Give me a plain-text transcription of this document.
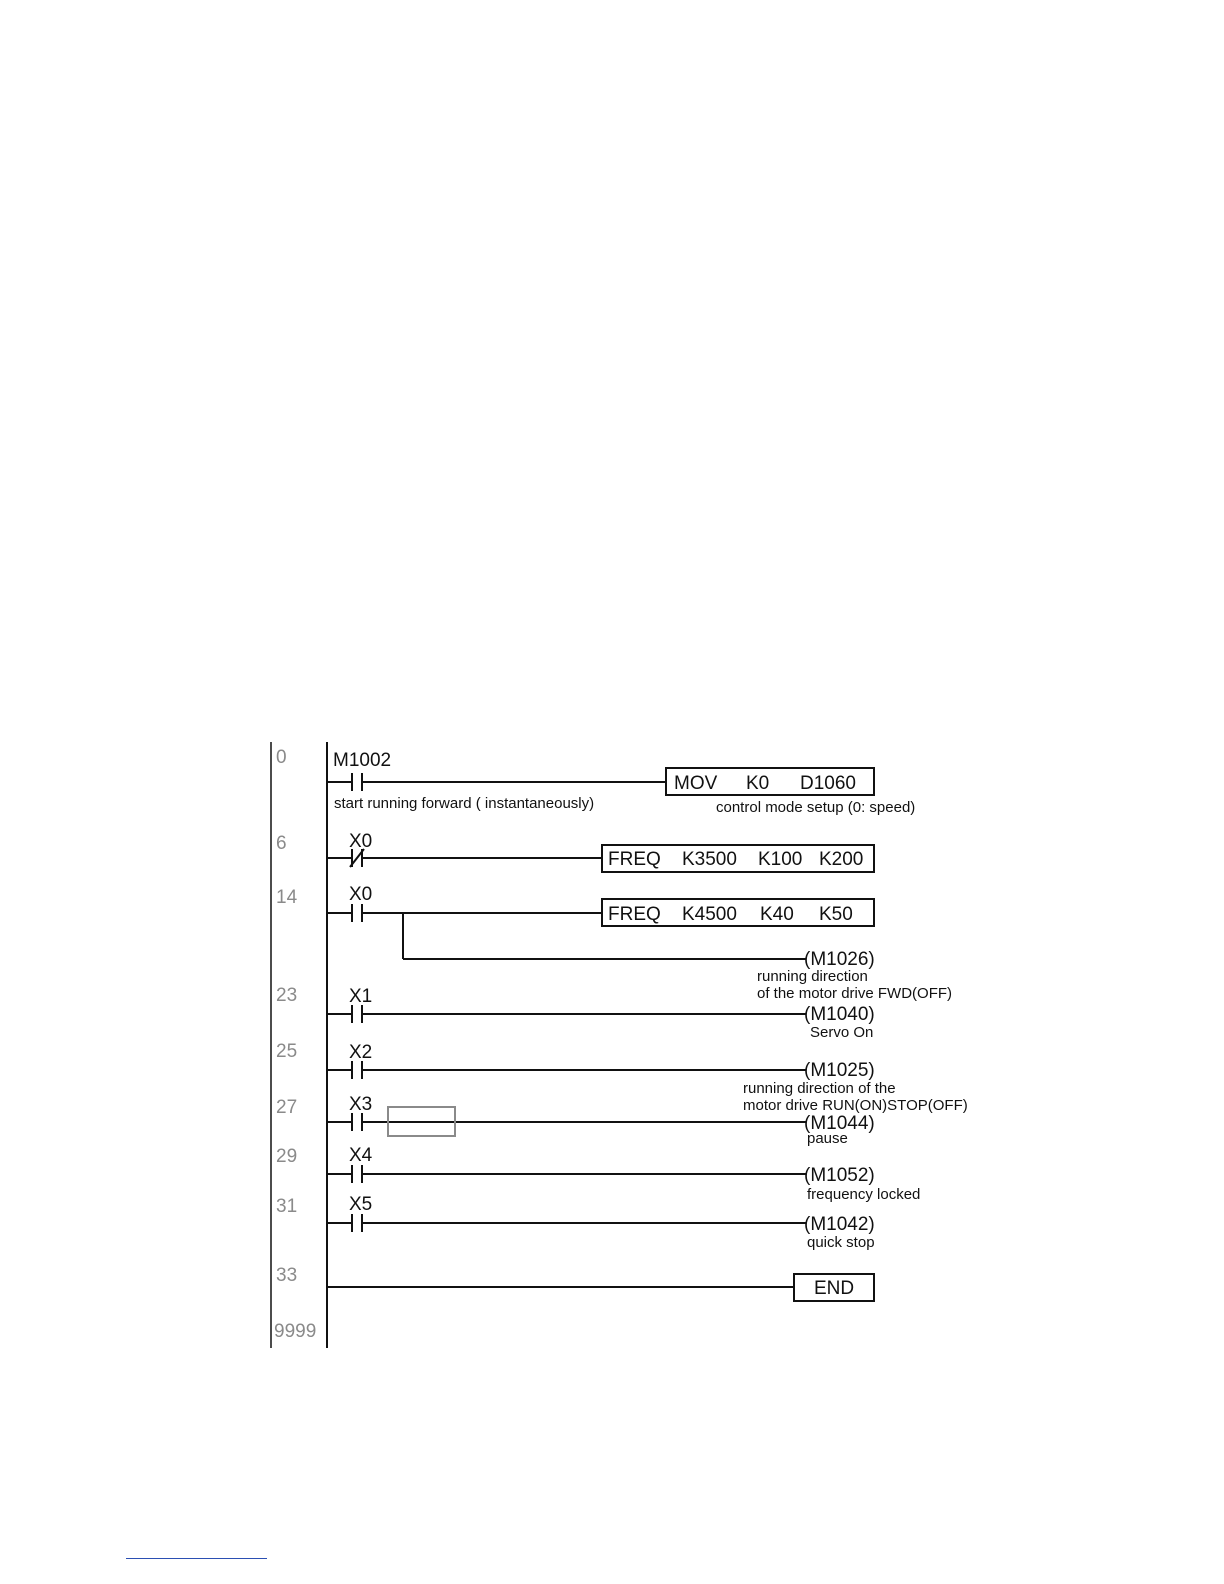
0
6
14
23
25
27
29
31
33
9999
M1002
MOV K0 D1060
start running forward ( instantaneously)	control mode setup (0: speed)
X0
FREQ K3500 K100 K200
X0
FREQ K4500 K40 K50
(M1026)
running direction
of the motor drive FWD(OFF)
X1
(M1040)
Servo On
X2
(M1025)
running direction of the
motor drive RUN(ON)STOP(OFF)
X3
(M1044)
pause
X4
(M1052)
frequency locked
X5
(M1042)
quick stop
END
